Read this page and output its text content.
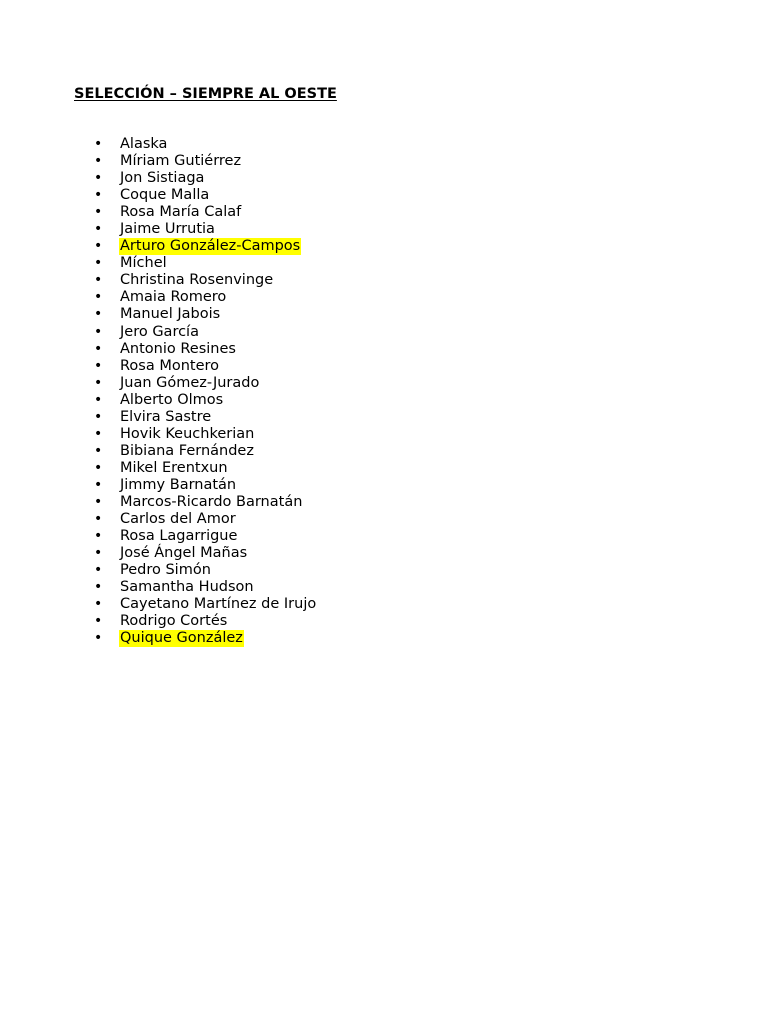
SELECCIÓN – SIEMPRE AL OESTE
• Alaska
• Míriam Gutiérrez
• Jon Sistiaga
• Coque Malla
• Rosa María Calaf
• Jaime Urrutia
• Arturo González-Campos
• Míchel
• Christina Rosenvinge
• Amaia Romero
• Manuel Jabois
• Jero García
• Antonio Resines
• Rosa Montero
• Juan Gómez-Jurado
• Alberto Olmos
• Elvira Sastre
• Hovik Keuchkerian
• Bibiana Fernández
• Mikel Erentxun
• Jimmy Barnatán
• Marcos-Ricardo Barnatán
• Carlos del Amor
• Rosa Lagarrigue
• José Ángel Mañas
• Pedro Simón
• Samantha Hudson
• Cayetano Martínez de Irujo
• Rodrigo Cortés
• Quique González
